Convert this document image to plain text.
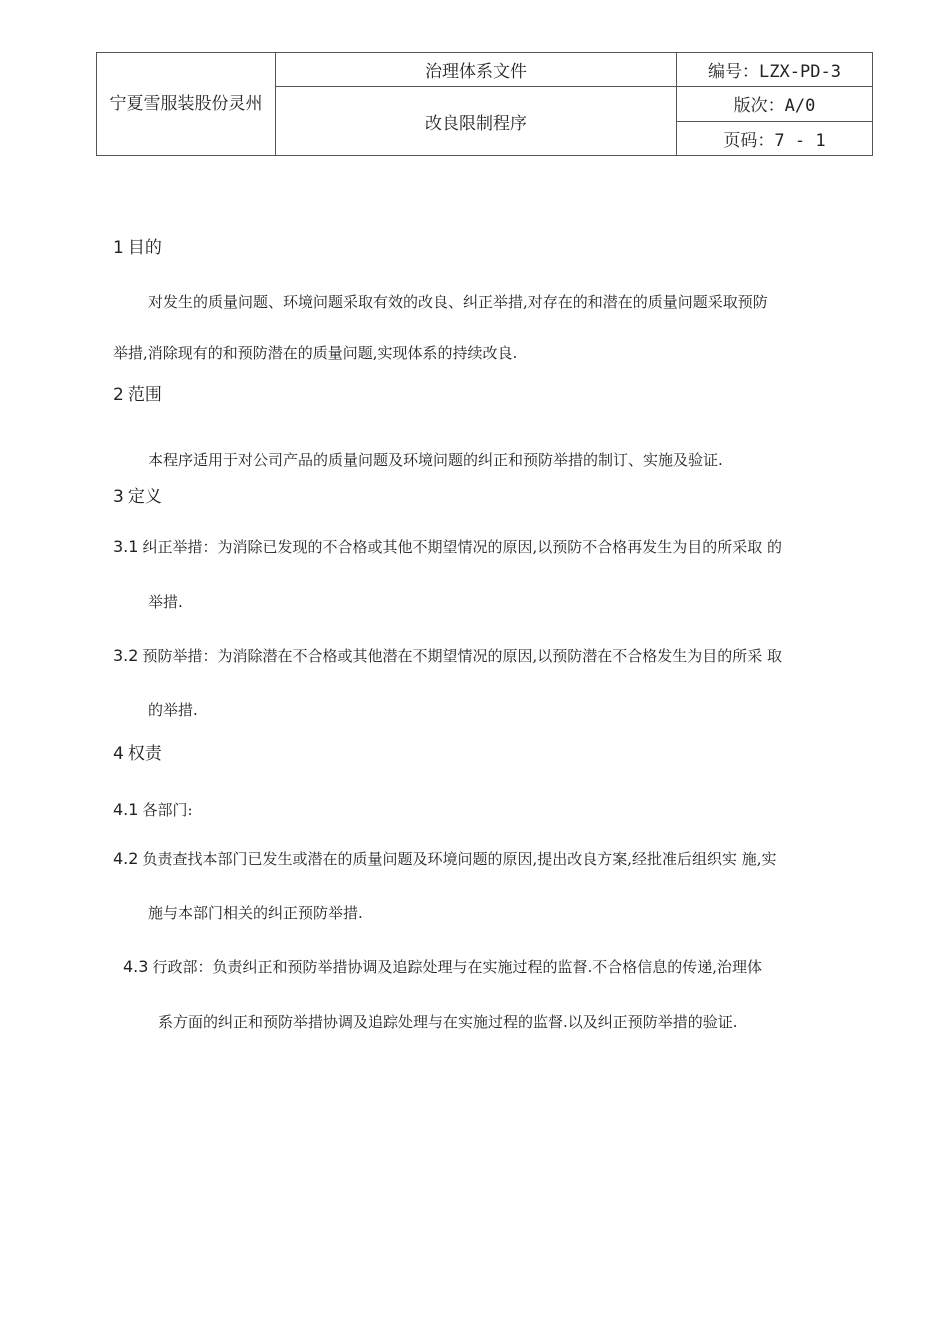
宁夏雪服装股份灵州	治理体系文件	编号：LZX-PD-3
	改良限制程序	版次：A/0
		页码：7 - 1
1 目的

对发生的质量问题、环境问题采取有效的改良、纠正举措,对存在的和潜在的质量问题采取预防

举措,消除现有的和预防潜在的质量问题,实现体系的持续改良.

2 范围

本程序适用于对公司产品的质量问题及环境问题的纠正和预防举措的制订、实施及验证.

3 定义

3.1 纠正举措：为消除已发现的不合格或其他不期望情况的原因,以预防不合格再发生为目的所采取 的

举措.

3.2 预防举措：为消除潜在不合格或其他潜在不期望情况的原因,以预防潜在不合格发生为目的所采 取

的举措.

4 权责

4.1 各部门:

4.2 负责查找本部门已发生或潜在的质量问题及环境问题的原因,提出改良方案,经批准后组织实 施,实

施与本部门相关的纠正预防举措.

4.3 行政部：负责纠正和预防举措协调及追踪处理与在实施过程的监督.不合格信息的传递,治理体

系方面的纠正和预防举措协调及追踪处理与在实施过程的监督.以及纠正预防举措的验证.
